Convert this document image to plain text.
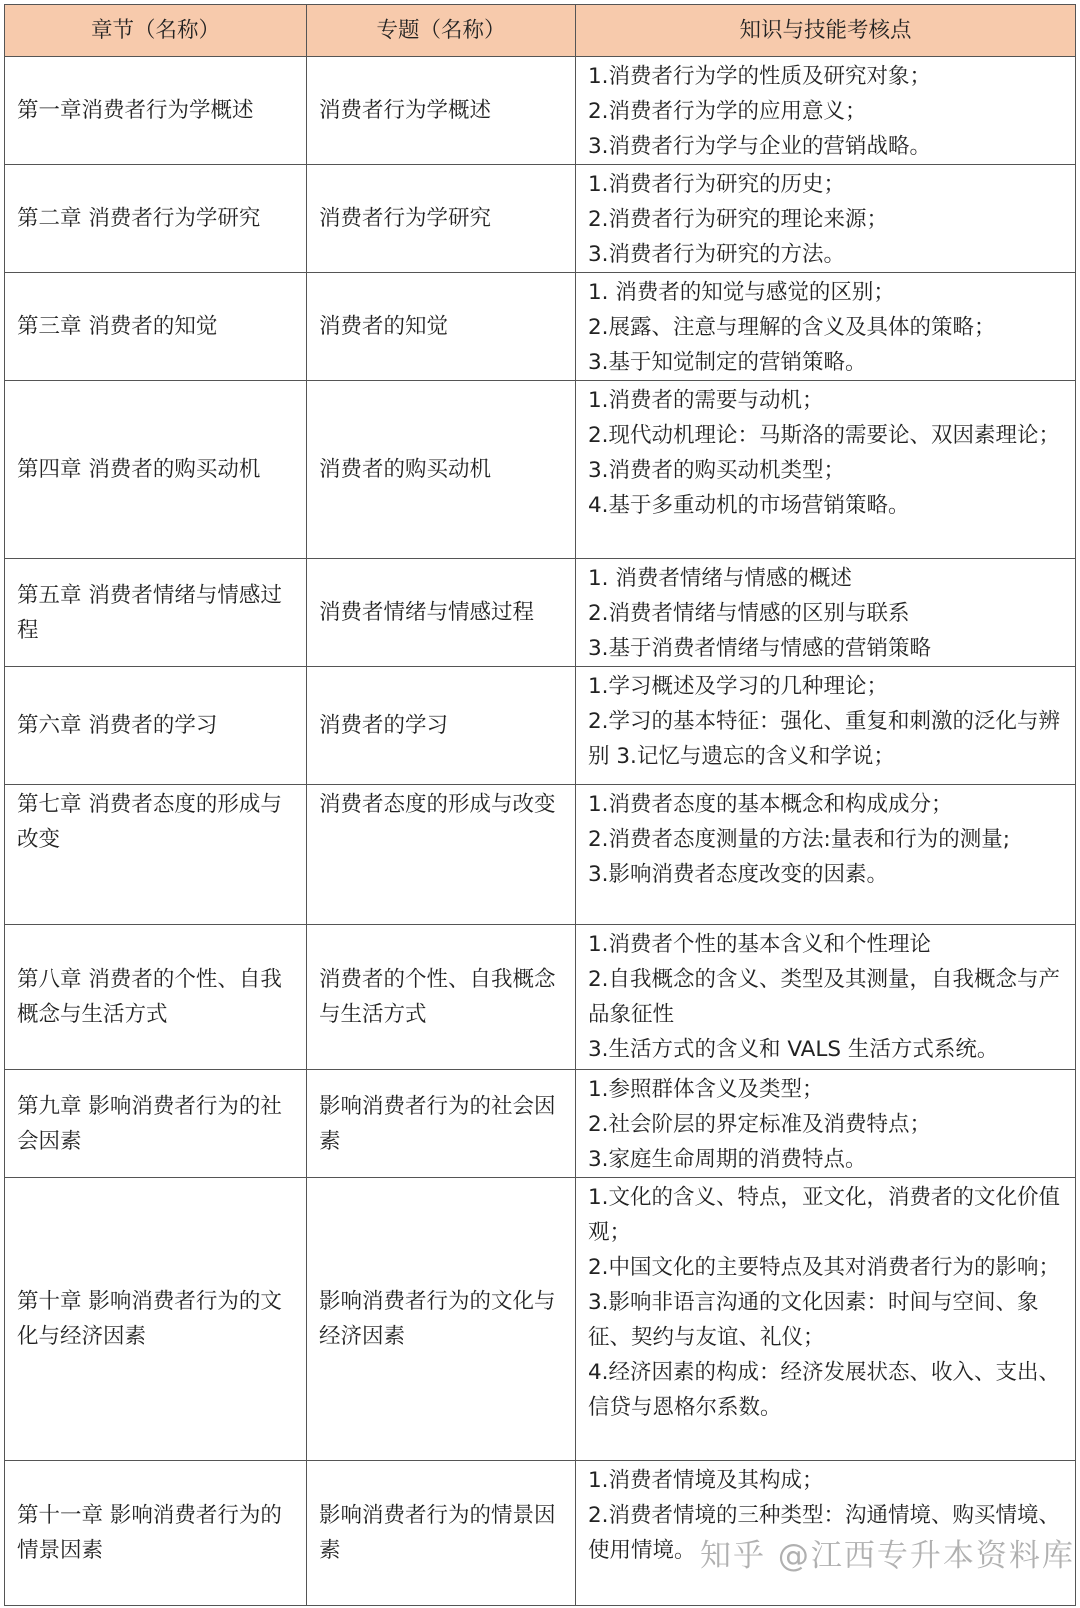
章节（名称）	专题（名称）	知识与技能考核点
第一章消费者行为学概述	消费者行为学概述	1.消费者行为学的性质及研究对象；
2.消费者行为学的应用意义；
3.消费者行为学与企业的营销战略。

第二章 消费者行为学研究	消费者行为学研究	1.消费者行为研究的历史；
2.消费者行为研究的理论来源；
3.消费者行为研究的方法。

第三章 消费者的知觉	消费者的知觉	1. 消费者的知觉与感觉的区别；
2.展露、注意与理解的含义及具体的策略；
3.基于知觉制定的营销策略。

第四章 消费者的购买动机	消费者的购买动机	1.消费者的需要与动机；
2.现代动机理论：马斯洛的需要论、双因素理论；
3.消费者的购买动机类型；
4.基于多重动机的市场营销策略。

第五章 消费者情绪与情感过程	消费者情绪与情感过程	1. 消费者情绪与情感的概述
2.消费者情绪与情感的区别与联系
3.基于消费者情绪与情感的营销策略

第六章 消费者的学习	消费者的学习	1.学习概述及学习的几种理论；
2.学习的基本特征：强化、重复和刺激的泛化与辨别 3.记忆与遗忘的含义和学说；

第七章 消费者态度的形成与改变	消费者态度的形成与改变	1.消费者态度的基本概念和构成成分；
2.消费者态度测量的方法:量表和行为的测量;
3.影响消费者态度改变的因素。

第八章 消费者的个性、自我概念与生活方式	消费者的个性、自我概念与生活方式	1.消费者个性的基本含义和个性理论
2.自我概念的含义、类型及其测量，自我概念与产品象征性
3.生活方式的含义和 VALS 生活方式系统。

第九章 影响消费者行为的社会因素	影响消费者行为的社会因素	1.参照群体含义及类型；
2.社会阶层的界定标准及消费特点；
3.家庭生命周期的消费特点。

第十章 影响消费者行为的文化与经济因素	影响消费者行为的文化与经济因素	1.文化的含义、特点，亚文化，消费者的文化价值观；
2.中国文化的主要特点及其对消费者行为的影响；
3.影响非语言沟通的文化因素：时间与空间、象征、契约与友谊、礼仪；
4.经济因素的构成：经济发展状态、收入、支出、信贷与恩格尔系数。

第十一章 影响消费者行为的情景因素	影响消费者行为的情景因素	1.消费者情境及其构成；
2.消费者情境的三种类型：沟通情境、购买情境、使用情境。 知乎 @江西专升本资料库
